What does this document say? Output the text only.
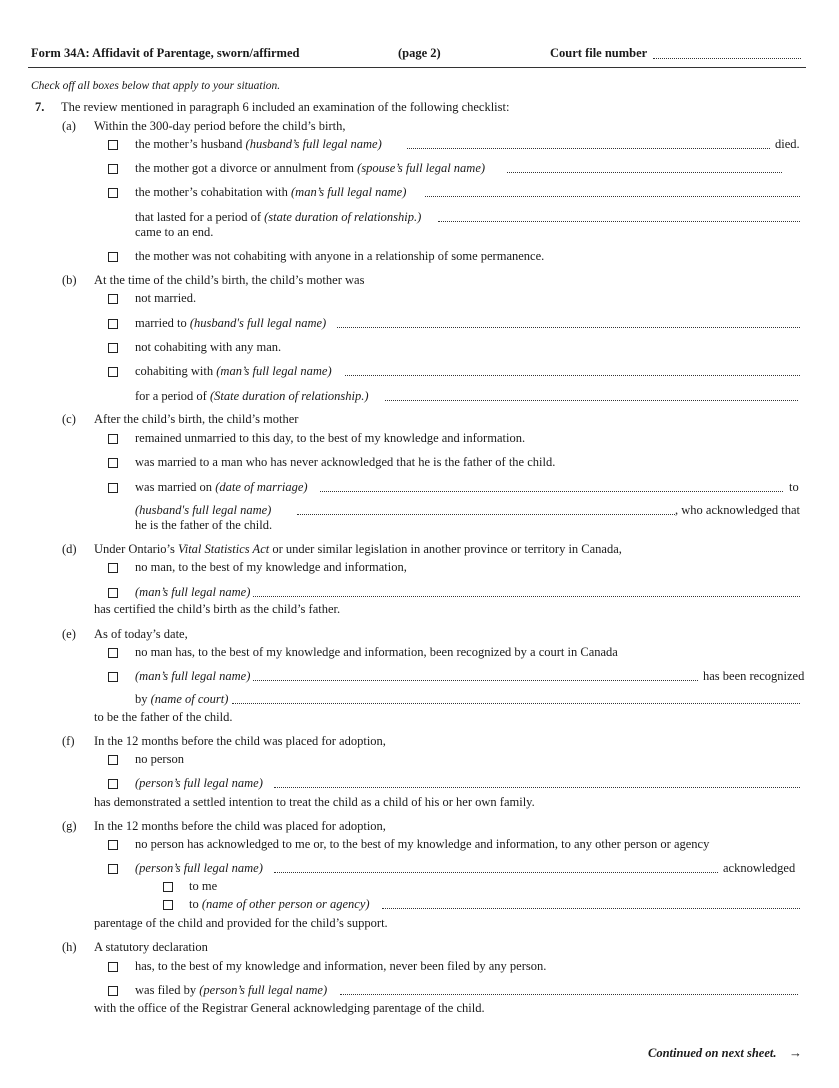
Form 34A: Affidavit of Parentage, sworn/affirmed	(page 2)	Court file number
Check off all boxes below that apply to your situation.
7. The review mentioned in paragraph 6 included an examination of the following checklist:
(a) Within the 300-day period before the child’s birth,
the mother’s husband (husband’s full legal name)	died.
the mother got a divorce or annulment from (spouse’s full legal name)
the mother’s cohabitation with (man’s full legal name)
that lasted for a period of (state duration of relationship.)
came to an end.
the mother was not cohabiting with anyone in a relationship of some permanence.
(b) At the time of the child’s birth, the child’s mother was
not married.
married to (husband's full legal name)
not cohabiting with any man.
cohabiting with (man’s full legal name)
for a period of (State duration of relationship.)
(c) After the child’s birth, the child’s mother
remained unmarried to this day, to the best of my knowledge and information.
was married to a man who has never acknowledged that he is the father of the child.
was married on (date of marriage)	to
(husband's full legal name)	, who acknowledged that
he is the father of the child.
(d) Under Ontario’s Vital Statistics Act or under similar legislation in another province or territory in Canada,
no man, to the best of my knowledge and information,
(man’s full legal name)
has certified the child’s birth as the child’s father.
(e) As of today’s date,
no man has, to the best of my knowledge and information, been recognized by a court in Canada
(man’s full legal name)	has been recognized
by (name of court)
to be the father of the child.
(f) In the 12 months before the child was placed for adoption,
no person
(person’s full legal name)
has demonstrated a settled intention to treat the child as a child of his or her own family.
(g) In the 12 months before the child was placed for adoption,
no person has acknowledged to me or, to the best of my knowledge and information, to any other person or agency
(person’s full legal name)	acknowledged
to me
to (name of other person or agency)
parentage of the child and provided for the child’s support.
(h) A statutory declaration
has, to the best of my knowledge and information, never been filed by any person.
was filed by (person’s full legal name)
with the office of the Registrar General acknowledging parentage of the child.
Continued on next sheet. →
